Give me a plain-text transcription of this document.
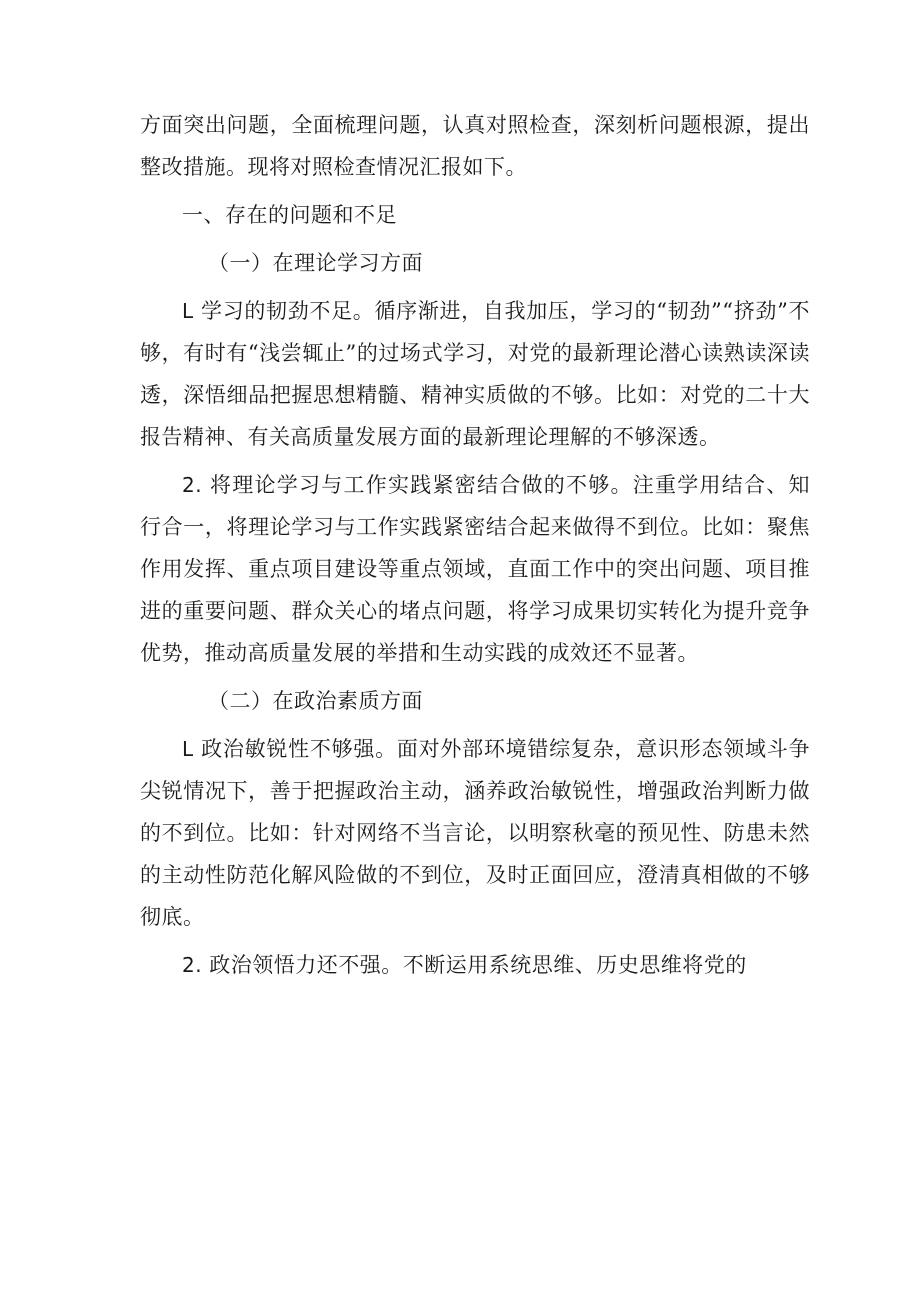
方面突出问题，全面梳理问题，认真对照检查，深刻析问题根源，提出整改措施。现将对照检查情况汇报如下。

一、存在的问题和不足

（一）在理论学习方面

L 学习的韧劲不足。循序渐进，自我加压，学习的“韧劲”“挤劲”不够，有时有“浅尝辄止”的过场式学习，对党的最新理论潜心读熟读深读透，深悟细品把握思想精髓、精神实质做的不够。比如：对党的二十大报告精神、有关高质量发展方面的最新理论理解的不够深透。

2. 将理论学习与工作实践紧密结合做的不够。注重学用结合、知行合一，将理论学习与工作实践紧密结合起来做得不到位。比如：聚焦作用发挥、重点项目建设等重点领域，直面工作中的突出问题、项目推进的重要问题、群众关心的堵点问题，将学习成果切实转化为提升竞争优势，推动高质量发展的举措和生动实践的成效还不显著。

（二）在政治素质方面

L 政治敏锐性不够强。面对外部环境错综复杂，意识形态领域斗争尖锐情况下，善于把握政治主动，涵养政治敏锐性，增强政治判断力做的不到位。比如：针对网络不当言论，以明察秋毫的预见性、防患未然的主动性防范化解风险做的不到位，及时正面回应，澄清真相做的不够彻底。

2. 政治领悟力还不强。不断运用系统思维、历史思维将党的
